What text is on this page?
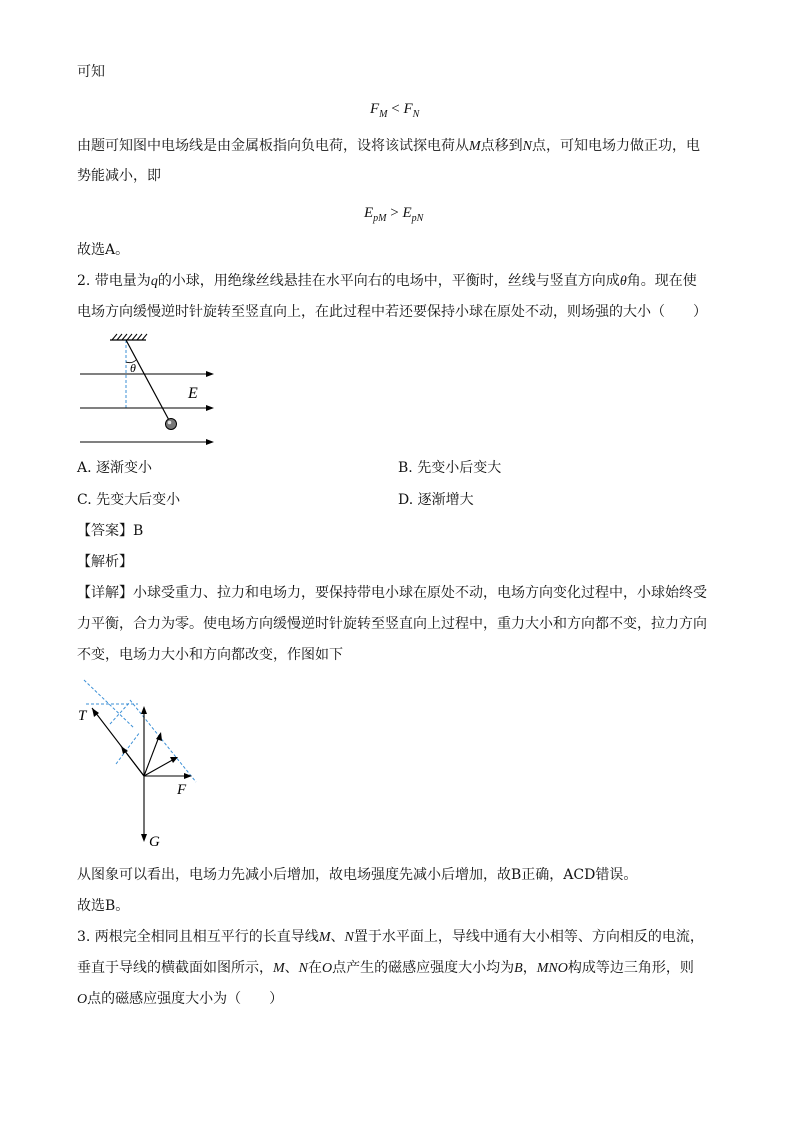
可知
$F_M < F_N$
由题可知图中电场线是由金属板指向负电荷，设将该试探电荷从M点移到N点，可知电场力做正功，电
势能减小，即
$E_{pM} > E_{pN}$
故选A。
2. 带电量为q的小球，用绝缘丝线悬挂在水平向右的电场中，平衡时，丝线与竖直方向成θ角。现在使
电场方向缓慢逆时针旋转至竖直向上，在此过程中若还要保持小球在原处不动，则场强的大小（　　）
θ
E
A. 逐渐变小	B. 先变小后变大
C. 先变大后变小	D. 逐渐增大
【答案】B
【解析】
【详解】小球受重力、拉力和电场力，要保持带电小球在原处不动，电场方向变化过程中，小球始终受
力平衡，合力为零。使电场方向缓慢逆时针旋转至竖直向上过程中，重力大小和方向都不变，拉力方向
不变，电场力大小和方向都改变，作图如下
T
F
G
从图象可以看出，电场力先减小后增加，故电场强度先减小后增加，故B正确，ACD错误。
故选B。
3. 两根完全相同且相互平行的长直导线M、N置于水平面上，导线中通有大小相等、方向相反的电流，
垂直于导线的横截面如图所示，M、N在O点产生的磁感应强度大小均为B，MNO构成等边三角形，则
O点的磁感应强度大小为（　　）
